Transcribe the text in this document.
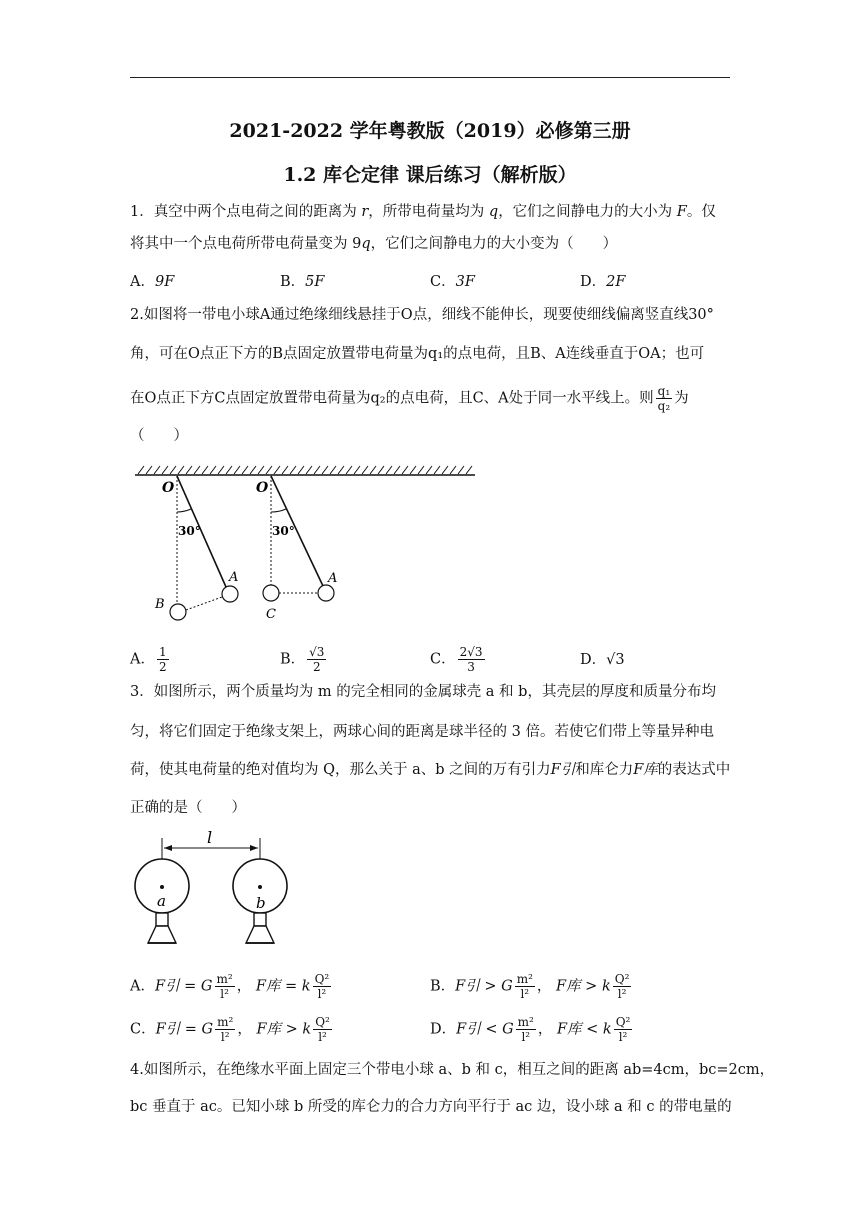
2021-2022 学年粤教版（2019）必修第三册
1.2 库仑定律 课后练习（解析版）
1．真空中两个点电荷之间的距离为 r，所带电荷量均为 q，它们之间静电力的大小为 F。仅
将其中一个点电荷所带电荷量变为 9q，它们之间静电力的大小变为（　　）
A．9F	B．5F	C．3F	D．2F
2.如图将一带电小球A通过绝缘细线悬挂于O点，细线不能伸长，现要使细线偏离竖直线30°
角，可在O点正下方的B点固定放置带电荷量为q₁的点电荷，且B、A连线垂直于OA；也可
在O点正下方C点固定放置带电荷量为q₂的点电荷，且C、A处于同一水平线上。则 $\frac{\text{q₁}}{\text{q₂}}$ 为
（　　）
O
30°
A
B
O
30°
A
C
A． $\frac{1}{2}$	B． $\frac{√3}{2}$	C． $\frac{2√3}{3}$	D．√3
3．如图所示，两个质量均为 m 的完全相同的金属球壳 a 和 b，其壳层的厚度和质量分布均
匀，将它们固定于绝缘支架上，两球心间的距离是球半径的 3 倍。若使它们带上等量异种电
荷，使其电荷量的绝对值均为 Q，那么关于 a、b 之间的万有引力F引和库仑力F库的表达式中
正确的是（　　）
l
a	b
A．F引 = G $\frac{\text{m²}}{\text{l²}}$ ， F库 = k $\frac{\text{Q²}}{\text{l²}}$	B．F引 > G $\frac{\text{m²}}{\text{l²}}$ ， F库 > k $\frac{\text{Q²}}{\text{l²}}$
C．F引 = G $\frac{\text{m²}}{\text{l²}}$ ， F库 > k $\frac{\text{Q²}}{\text{l²}}$	D．F引 < G $\frac{\text{m²}}{\text{l²}}$ ， F库 < k $\frac{\text{Q²}}{\text{l²}}$
4.如图所示，在绝缘水平面上固定三个带电小球 a、b 和 c，相互之间的距离 ab=4cm，bc=2cm，
bc 垂直于 ac。已知小球 b 所受的库仑力的合力方向平行于 ac 边，设小球 a 和 c 的带电量的
